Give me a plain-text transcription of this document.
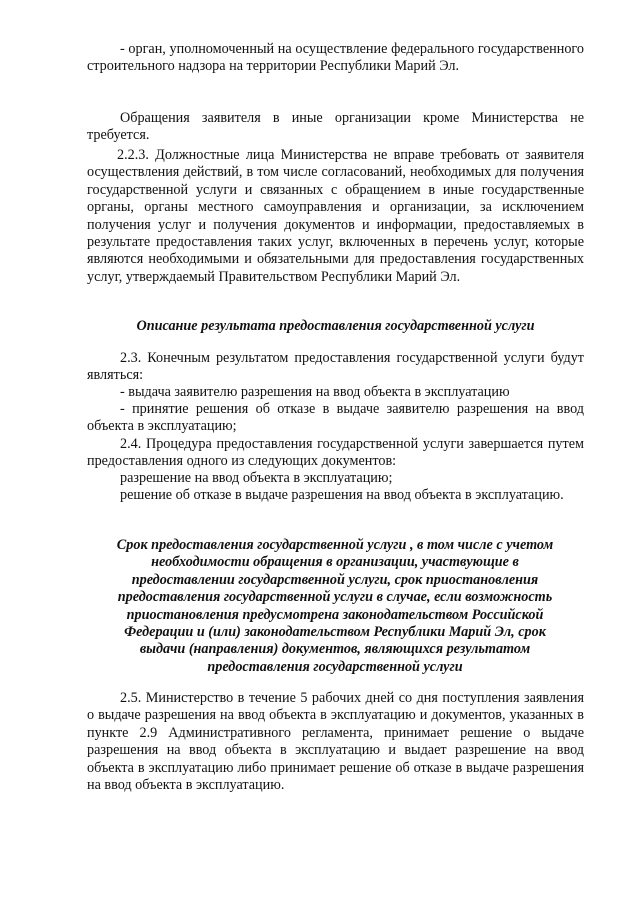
- орган, уполномоченный на осуществление федерального государственного строительного надзора на территории Республики Марий Эл.

Обращения заявителя в иные организации кроме Министерства не требуется.

2.2.3. Должностные лица Министерства не вправе требовать от заявителя осуществления действий, в том числе согласований, необходимых для получения государственной услуги и связанных с обращением в иные государственные органы, органы местного самоуправления и организации, за исключением получения услуг и получения документов и информации, предоставляемых в результате предоставления таких услуг, включенных в перечень услуг, которые являются необходимыми и обязательными для предоставления государственных услуг, утверждаемый Правительством Республики Марий Эл.

Описание результата предоставления государственной услуги

2.3. Конечным результатом предоставления государственной услуги будут являться:

- выдача заявителю разрешения на ввод объекта в эксплуатацию

- принятие решения об отказе в выдаче заявителю разрешения на ввод объекта в эксплуатацию;

2.4. Процедура предоставления государственной услуги завершается путем предоставления одного из следующих документов:

разрешение на ввод объекта в эксплуатацию;

решение об отказе в выдаче разрешения на ввод объекта в эксплуатацию.

Срок предоставления государственной услуги , в том числе с учетом необходимости обращения в организации, участвующие в предоставлении государственной услуги, срок приостановления предоставления государственной услуги в случае, если возможность приостановления предусмотрена законодательством Российской Федерации и (или) законодательством Республики Марий Эл, срок выдачи (направления) документов, являющихся результатом предоставления государственной услуги

2.5. Министерство в течение 5 рабочих дней со дня поступления заявления о выдаче разрешения на ввод объекта в эксплуатацию и документов, указанных в пункте 2.9 Административного регламента, принимает решение о выдаче разрешения на ввод объекта в эксплуатацию и выдает разрешение на ввод объекта в эксплуатацию либо принимает решение об отказе в выдаче разрешения на ввод объекта в эксплуатацию.
